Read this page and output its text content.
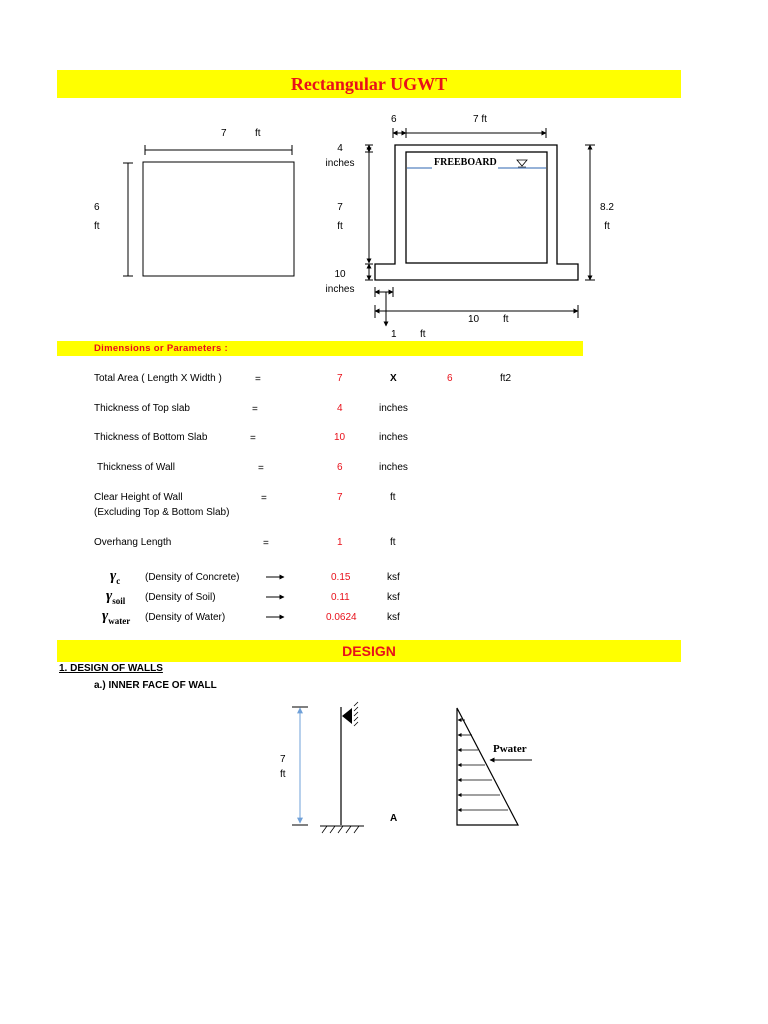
Rectangular UGWT
7	ft
6
ft
6	7 ft
4
inches
7
ft
10
inches
8.2
ft
10 ft
1 ft
FREEBOARD
Dimensions or Parameters :
Total Area ( Length X Width )	=	7	X	6	ft2
Thickness of Top slab	=	4	inches
Thickness of Bottom Slab	=	10	inches
Thickness of Wall	=	6	inches
Clear Height of Wall
(Excluding Top & Bottom Slab)
=	7	ft
Overhang Length	=	1	ft
$\gamma_c$ (Density of Concrete)	0.15	ksf
$\gamma_{soil}$ (Density of Soil)	0.11	ksf
$\gamma_{water}$ (Density of Water)	0.0624	ksf
DESIGN
1. DESIGN OF WALLS
a.) INNER FACE OF WALL
7
ft
A
Pwater
